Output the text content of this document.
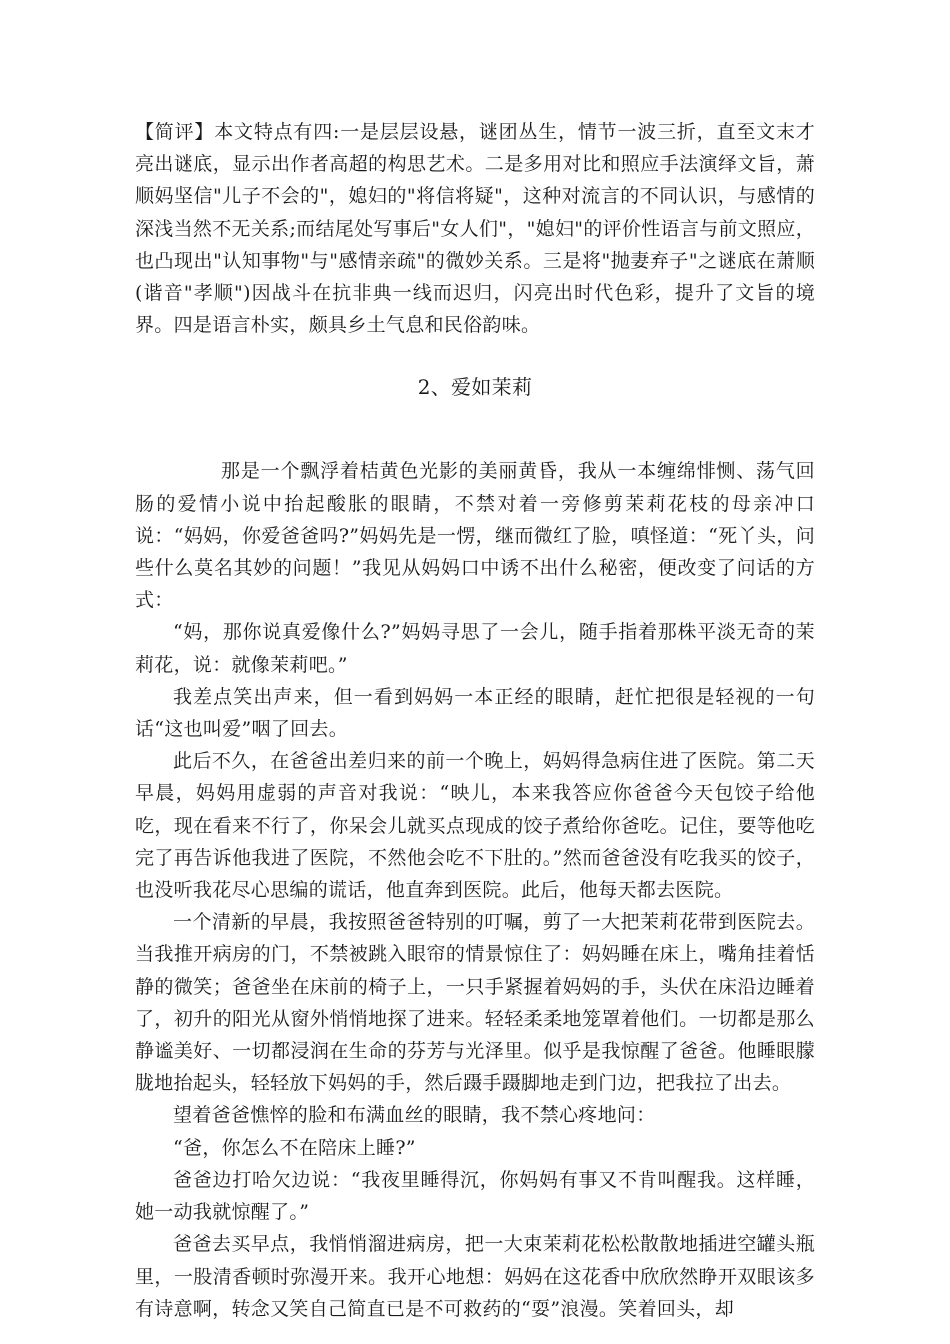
【简评】本文特点有四:一是层层设悬，谜团丛生，情节一波三折，直至文末才亮出谜底，显示出作者高超的构思艺术。二是多用对比和照应手法演绎文旨，萧顺妈坚信"儿子不会的"，媳妇的"将信将疑"，这种对流言的不同认识，与感情的深浅当然不无关系;而结尾处写事后"女人们"，"媳妇"的评价性语言与前文照应，也凸现出"认知事物"与"感情亲疏"的微妙关系。三是将"抛妻弃子"之谜底在萧顺(谐音"孝顺")因战斗在抗非典一线而迟归，闪亮出时代色彩，提升了文旨的境界。四是语言朴实，颇具乡土气息和民俗韵味。

2、爱如茉莉

那是一个飘浮着桔黄色光影的美丽黄昏，我从一本缠绵悱恻、荡气回肠的爱情小说中抬起酸胀的眼睛，不禁对着一旁修剪茉莉花枝的母亲冲口说：“妈妈，你爱爸爸吗?”妈妈先是一愣，继而微红了脸，嗔怪道：“死丫头，问些什么莫名其妙的问题！”我见从妈妈口中诱不出什么秘密，便改变了问话的方式：

“妈，那你说真爱像什么?”妈妈寻思了一会儿，随手指着那株平淡无奇的茉莉花，说：就像茉莉吧。”

我差点笑出声来，但一看到妈妈一本正经的眼睛，赶忙把很是轻视的一句话“这也叫爱”咽了回去。

此后不久，在爸爸出差归来的前一个晚上，妈妈得急病住进了医院。第二天早晨，妈妈用虚弱的声音对我说：“映儿，本来我答应你爸爸今天包饺子给他吃，现在看来不行了，你呆会儿就买点现成的饺子煮给你爸吃。记住，要等他吃完了再告诉他我进了医院，不然他会吃不下肚的。”然而爸爸没有吃我买的饺子，也没听我花尽心思编的谎话，他直奔到医院。此后，他每天都去医院。

一个清新的早晨，我按照爸爸特别的叮嘱，剪了一大把茉莉花带到医院去。当我推开病房的门，不禁被跳入眼帘的情景惊住了：妈妈睡在床上，嘴角挂着恬静的微笑；爸爸坐在床前的椅子上，一只手紧握着妈妈的手，头伏在床沿边睡着了，初升的阳光从窗外悄悄地探了进来。轻轻柔柔地笼罩着他们。一切都是那么静谧美好、一切都浸润在生命的芬芳与光泽里。似乎是我惊醒了爸爸。他睡眼朦胧地抬起头，轻轻放下妈妈的手，然后蹑手蹑脚地走到门边，把我拉了出去。

望着爸爸憔悴的脸和布满血丝的眼睛，我不禁心疼地问：

“爸，你怎么不在陪床上睡?”

爸爸边打哈欠边说：“我夜里睡得沉，你妈妈有事又不肯叫醒我。这样睡，她一动我就惊醒了。”

爸爸去买早点，我悄悄溜进病房，把一大束茉莉花松松散散地插进空罐头瓶里，一股清香顿时弥漫开来。我开心地想：妈妈在这花香中欣欣然睁开双眼该多有诗意啊，转念又笑自己简直已是不可救药的“耍”浪漫。笑着回头，却
